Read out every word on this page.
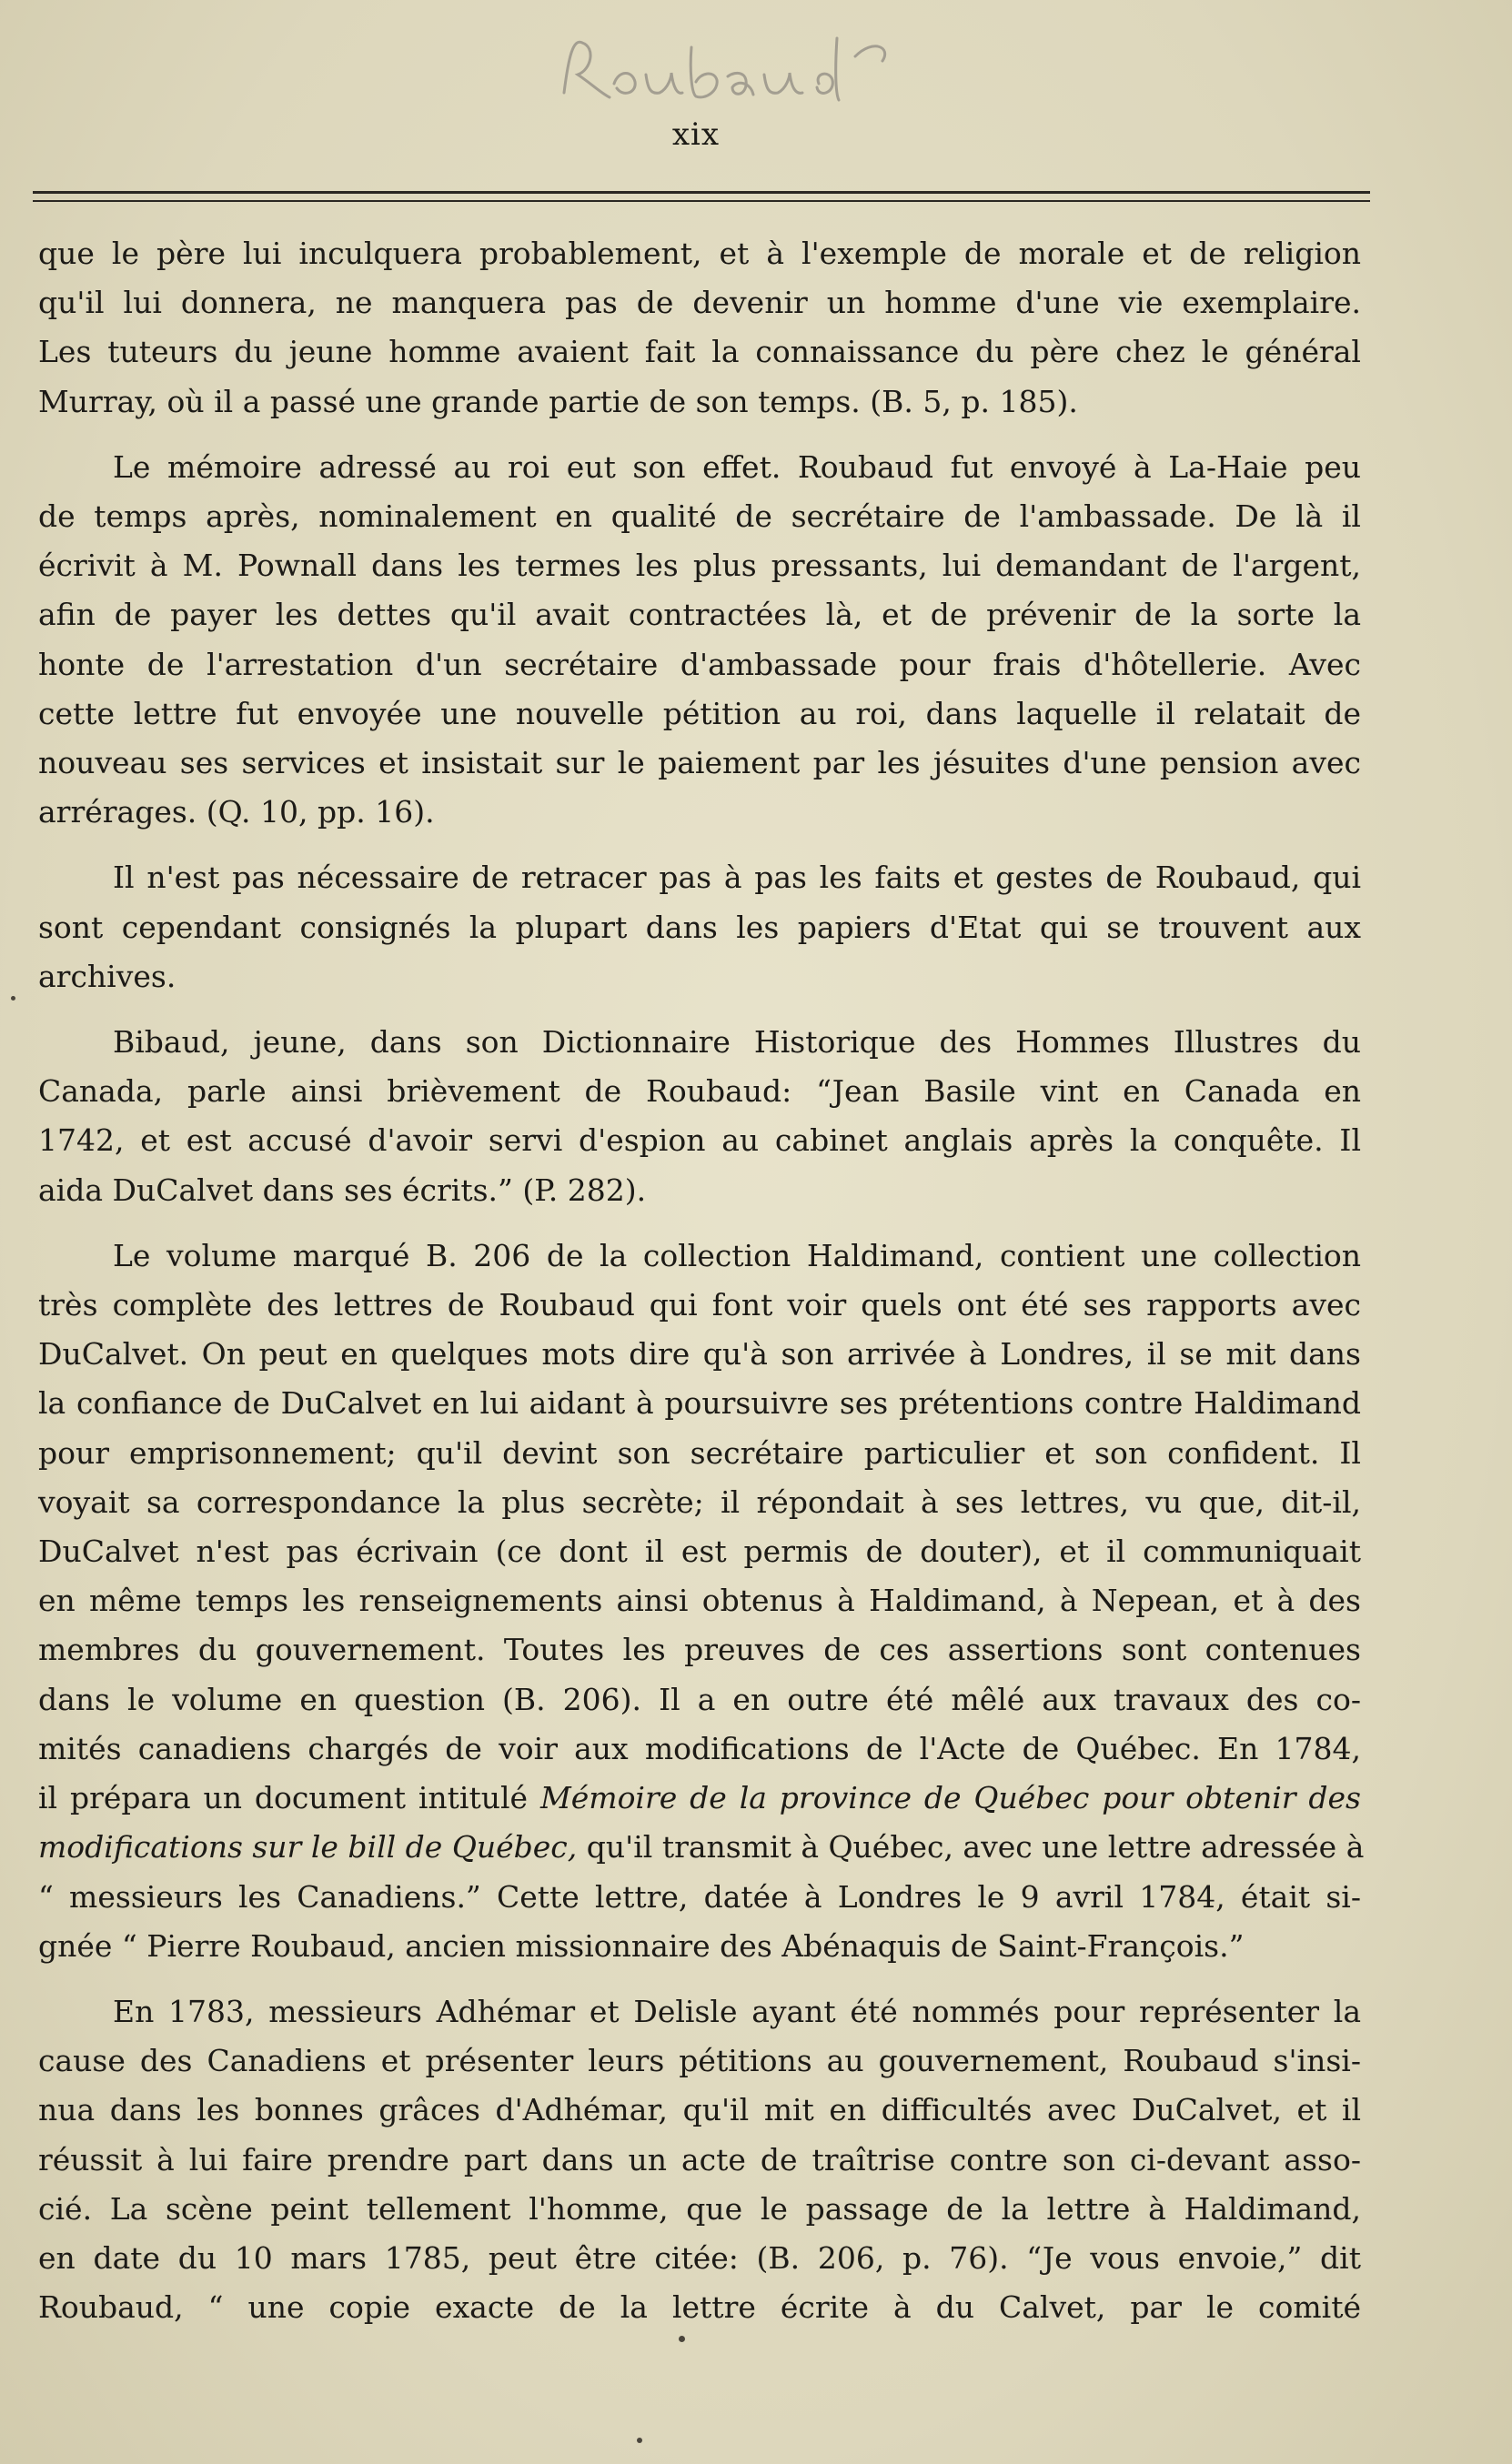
xix

que le père lui inculquera probablement, et à l'exemple de morale et de religion
qu'il lui donnera, ne manquera pas de devenir un homme d'une vie exemplaire.
Les tuteurs du jeune homme avaient fait la connaissance du père chez le général
Murray, où il a passé une grande partie de son temps. (B. 5, p. 185).

Le mémoire adressé au roi eut son effet. Roubaud fut envoyé à La-Haie peu
de temps après, nominalement en qualité de secrétaire de l'ambassade. De là il
écrivit à M. Pownall dans les termes les plus pressants, lui demandant de l'argent,
afin de payer les dettes qu'il avait contractées là, et de prévenir de la sorte la
honte de l'arrestation d'un secrétaire d'ambassade pour frais d'hôtellerie. Avec
cette lettre fut envoyée une nouvelle pétition au roi, dans laquelle il relatait de
nouveau ses services et insistait sur le paiement par les jésuites d'une pension avec
arrérages. (Q. 10, pp. 16).

Il n'est pas nécessaire de retracer pas à pas les faits et gestes de Roubaud, qui
sont cependant consignés la plupart dans les papiers d'Etat qui se trouvent aux
archives.

Bibaud, jeune, dans son Dictionnaire Historique des Hommes Illustres du
Canada, parle ainsi brièvement de Roubaud: “Jean Basile vint en Canada en
1742, et est accusé d'avoir servi d'espion au cabinet anglais après la conquête. Il
aida DuCalvet dans ses écrits.” (P. 282).

Le volume marqué B. 206 de la collection Haldimand, contient une collection
très complète des lettres de Roubaud qui font voir quels ont été ses rapports avec
DuCalvet. On peut en quelques mots dire qu'à son arrivée à Londres, il se mit dans
la confiance de DuCalvet en lui aidant à poursuivre ses prétentions contre Haldimand
pour emprisonnement; qu'il devint son secrétaire particulier et son confident. Il
voyait sa correspondance la plus secrète; il répondait à ses lettres, vu que, dit-il,
DuCalvet n'est pas écrivain (ce dont il est permis de douter), et il communiquait
en même temps les renseignements ainsi obtenus à Haldimand, à Nepean, et à des
membres du gouvernement. Toutes les preuves de ces assertions sont contenues
dans le volume en question (B. 206). Il a en outre été mêlé aux travaux des co-
mités canadiens chargés de voir aux modifications de l'Acte de Québec. En 1784,
il prépara un document intitulé Mémoire de la province de Québec pour obtenir des
modifications sur le bill de Québec, qu'il transmit à Québec, avec une lettre adressée à
“ messieurs les Canadiens.” Cette lettre, datée à Londres le 9 avril 1784, était si-
gnée “ Pierre Roubaud, ancien missionnaire des Abénaquis de Saint-François.”

En 1783, messieurs Adhémar et Delisle ayant été nommés pour représenter la
cause des Canadiens et présenter leurs pétitions au gouvernement, Roubaud s'insi-
nua dans les bonnes grâces d'Adhémar, qu'il mit en difficultés avec DuCalvet, et il
réussit à lui faire prendre part dans un acte de traîtrise contre son ci-devant asso-
cié. La scène peint tellement l'homme, que le passage de la lettre à Haldimand,
en date du 10 mars 1785, peut être citée: (B. 206, p. 76). “Je vous envoie,” dit
Roubaud, “ une copie exacte de la lettre écrite à du Calvet, par le comité
